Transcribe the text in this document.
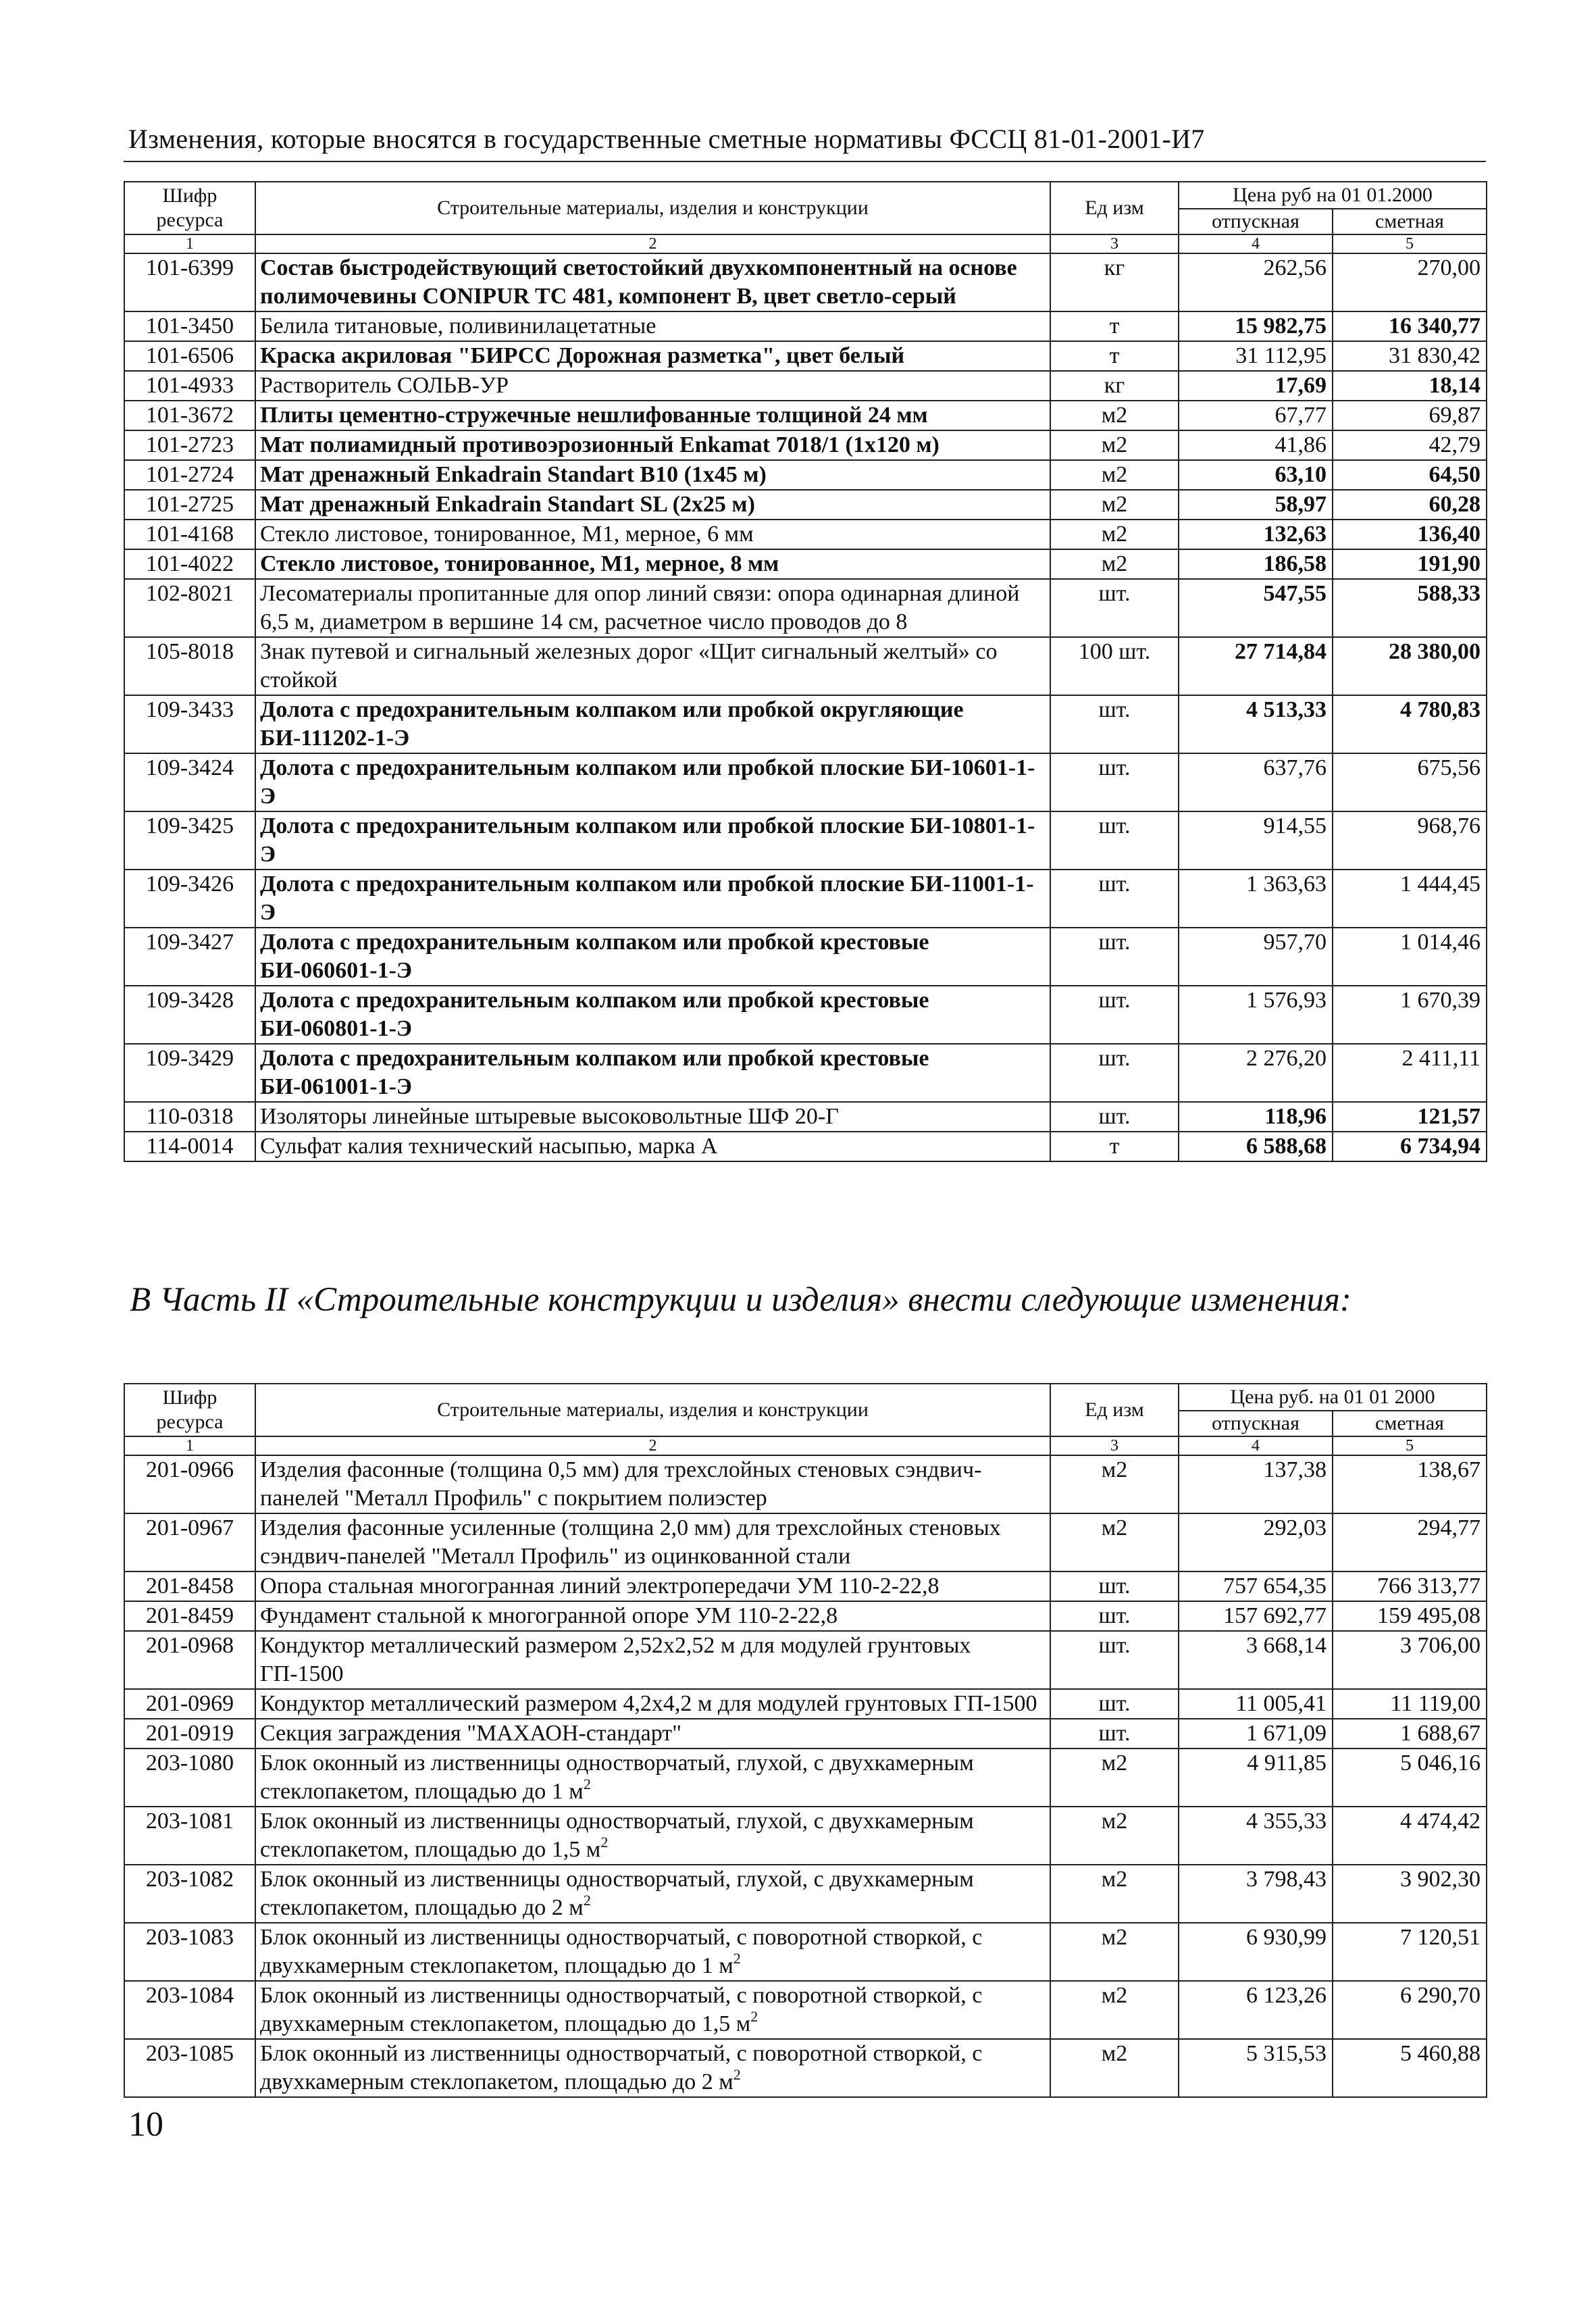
Изменения, которые вносятся в государственные сметные нормативы ФССЦ 81-01-2001-И7
Шифр ресурса	Строительные материалы, изделия и конструкции	Ед изм	Цена руб на 01 01.2000	
			отпускная	сметная
1	2	3	4	5
101-6399	Состав быстродействующий светостойкий двухкомпонентный на основе полимочевины CONIPUR TC 481, компонент B, цвет светло-серый	кг	262,56	270,00
101-3450	Белила титановые, поливинилацетатные	т	15 982,75	16 340,77
101-6506	Краска акриловая "БИРСС Дорожная разметка", цвет белый	т	31 112,95	31 830,42
101-4933	Растворитель СОЛЬВ-УР	кг	17,69	18,14
101-3672	Плиты цементно-стружечные нешлифованные толщиной 24 мм	м2	67,77	69,87
101-2723	Мат полиамидный противоэрозионный Enkamat 7018/1 (1х120 м)	м2	41,86	42,79
101-2724	Мат дренажный Enkadrain Standart B10 (1х45 м)	м2	63,10	64,50
101-2725	Мат дренажный Enkadrain Standart SL (2х25 м)	м2	58,97	60,28
101-4168	Стекло листовое, тонированное, M1, мерное, 6 мм	м2	132,63	136,40
101-4022	Стекло листовое, тонированное, M1, мерное, 8 мм	м2	186,58	191,90
102-8021	Лесоматериалы пропитанные для опор линий связи: опора одинарная длиной 6,5 м, диаметром в вершине 14 см, расчетное число проводов до 8	шт.	547,55	588,33
105-8018	Знак путевой и сигнальный железных дорог «Щит сигнальный желтый» со стойкой	100 шт.	27 714,84	28 380,00
109-3433	Долота с предохранительным колпаком или пробкой округляющие БИ-111202-1-Э	шт.	4 513,33	4 780,83
109-3424	Долота с предохранительным колпаком или пробкой плоские БИ-10601-1-Э	шт.	637,76	675,56
109-3425	Долота с предохранительным колпаком или пробкой плоские БИ-10801-1-Э	шт.	914,55	968,76
109-3426	Долота с предохранительным колпаком или пробкой плоские БИ-11001-1-Э	шт.	1 363,63	1 444,45
109-3427	Долота с предохранительным колпаком или пробкой крестовые БИ-060601-1-Э	шт.	957,70	1 014,46
109-3428	Долота с предохранительным колпаком или пробкой крестовые БИ-060801-1-Э	шт.	1 576,93	1 670,39
109-3429	Долота с предохранительным колпаком или пробкой крестовые БИ-061001-1-Э	шт.	2 276,20	2 411,11
110-0318	Изоляторы линейные штыревые высоковольтные ШФ 20-Г	шт.	118,96	121,57
114-0014	Сульфат калия технический насыпью, марка А	т	6 588,68	6 734,94
В Часть II «Строительные конструкции и изделия» внести следующие изменения:
Шифр ресурса	Строительные материалы, изделия и конструкции	Ед изм	Цена руб. на 01 01 2000	
			отпускная	сметная
1	2	3	4	5
201-0966	Изделия фасонные (толщина 0,5 мм) для трехслойных стеновых сэндвич-панелей "Металл Профиль" с покрытием полиэстер	м2	137,38	138,67
201-0967	Изделия фасонные усиленные (толщина 2,0 мм) для трехслойных стеновых сэндвич-панелей "Металл Профиль" из оцинкованной стали	м2	292,03	294,77
201-8458	Опора стальная многогранная линий электропередачи УМ 110-2-22,8	шт.	757 654,35	766 313,77
201-8459	Фундамент стальной к многогранной опоре УМ 110-2-22,8	шт.	157 692,77	159 495,08
201-0968	Кондуктор металлический размером 2,52х2,52 м для модулей грунтовых ГП-1500	шт.	3 668,14	3 706,00
201-0969	Кондуктор металлический размером 4,2х4,2 м для модулей грунтовых ГП-1500	шт.	11 005,41	11 119,00
201-0919	Секция заграждения "МАХАОН-стандарт"	шт.	1 671,09	1 688,67
203-1080	Блок оконный из лиственницы одностворчатый, глухой, с двухкамерным стеклопакетом, площадью до 1 $м^2$	м2	4 911,85	5 046,16
203-1081	Блок оконный из лиственницы одностворчатый, глухой, с двухкамерным стеклопакетом, площадью до 1,5 $м^2$	м2	4 355,33	4 474,42
203-1082	Блок оконный из лиственницы одностворчатый, глухой, с двухкамерным стеклопакетом, площадью до 2 $м^2$	м2	3 798,43	3 902,30
203-1083	Блок оконный из лиственницы одностворчатый, с поворотной створкой, с двухкамерным стеклопакетом, площадью до 1 $м^2$	м2	6 930,99	7 120,51
203-1084	Блок оконный из лиственницы одностворчатый, с поворотной створкой, с двухкамерным стеклопакетом, площадью до 1,5 $м^2$	м2	6 123,26	6 290,70
203-1085	Блок оконный из лиственницы одностворчатый, с поворотной створкой, с двухкамерным стеклопакетом, площадью до 2 $м^2$	м2	5 315,53	5 460,88
10
